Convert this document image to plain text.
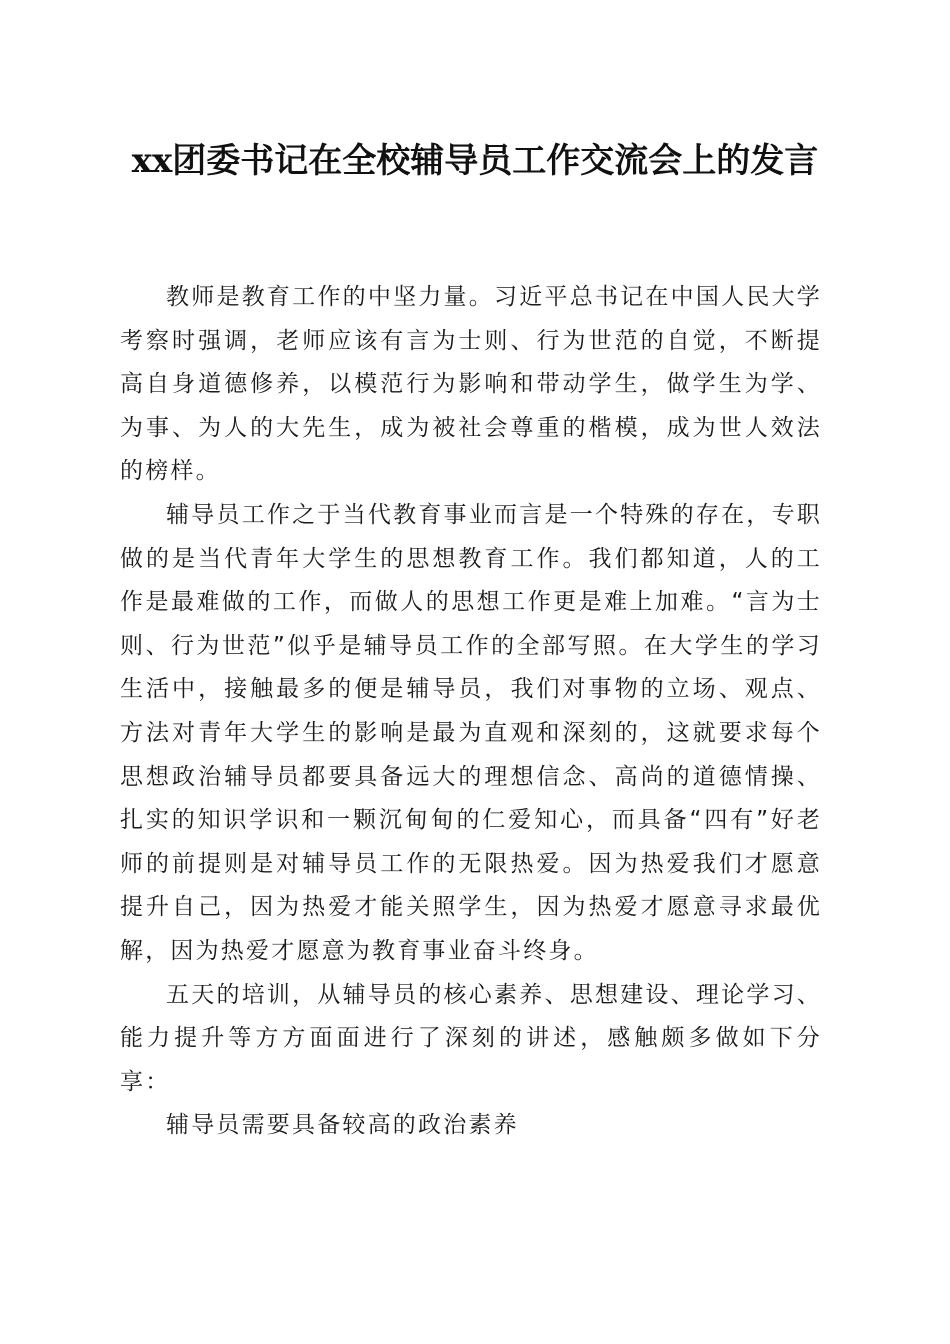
xx团委书记在全校辅导员工作交流会上的发言

教师是教育工作的中坚力量。习近平总书记在中国人民大学考察时强调，老师应该有言为士则、行为世范的自觉，不断提高自身道德修养，以模范行为影响和带动学生，做学生为学、为事、为人的大先生，成为被社会尊重的楷模，成为世人效法的榜样。

辅导员工作之于当代教育事业而言是一个特殊的存在，专职做的是当代青年大学生的思想教育工作。我们都知道，人的工作是最难做的工作，而做人的思想工作更是难上加难。“言为士则、行为世范”似乎是辅导员工作的全部写照。在大学生的学习生活中，接触最多的便是辅导员，我们对事物的立场、观点、方法对青年大学生的影响是最为直观和深刻的，这就要求每个思想政治辅导员都要具备远大的理想信念、高尚的道德情操、扎实的知识学识和一颗沉甸甸的仁爱知心，而具备“四有”好老师的前提则是对辅导员工作的无限热爱。因为热爱我们才愿意提升自己，因为热爱才能关照学生，因为热爱才愿意寻求最优解，因为热爱才愿意为教育事业奋斗终身。

五天的培训，从辅导员的核心素养、思想建设、理论学习、能力提升等方方面面进行了深刻的讲述，感触颇多做如下分享：

辅导员需要具备较高的政治素养
